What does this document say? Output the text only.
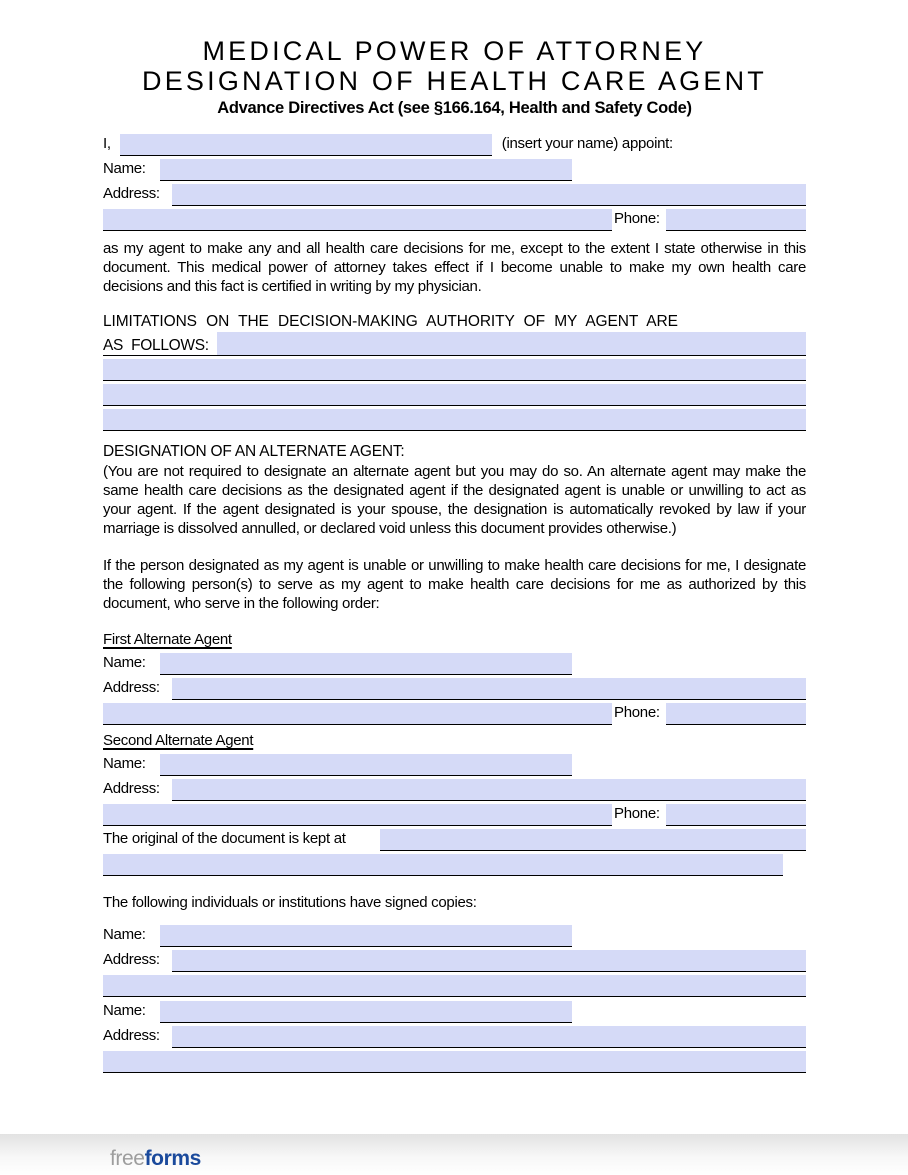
MEDICAL POWER OF ATTORNEY
DESIGNATION OF HEALTH CARE AGENT
Advance Directives Act (see §166.164, Health and Safety Code)
I,	(insert your name) appoint:
Name:
Address:
Phone:

as my agent to make any and all health care decisions for me, except to the extent I state otherwise in this document. This medical power of attorney takes effect if I become unable to make my own health care decisions and this fact is certified in writing by my physician.

LIMITATIONS ON THE DECISION-MAKING AUTHORITY OF MY AGENT ARE
AS FOLLOWS:
DESIGNATION OF AN ALTERNATE AGENT:

(You are not required to designate an alternate agent but you may do so. An alternate agent may make the same health care decisions as the designated agent if the designated agent is unable or unwilling to act as your agent. If the agent designated is your spouse, the designation is automatically revoked by law if your marriage is dissolved annulled, or declared void unless this document provides otherwise.)

If the person designated as my agent is unable or unwilling to make health care decisions for me, I designate the following person(s) to serve as my agent to make health care decisions for me as authorized by this document, who serve in the following order:

First Alternate Agent
Name:
Address:
Phone:
Second Alternate Agent
Name:
Address:
Phone:
The original of the document is kept at
The following individuals or institutions have signed copies:
Name:
Address:
Name:
Address:
freeforms
